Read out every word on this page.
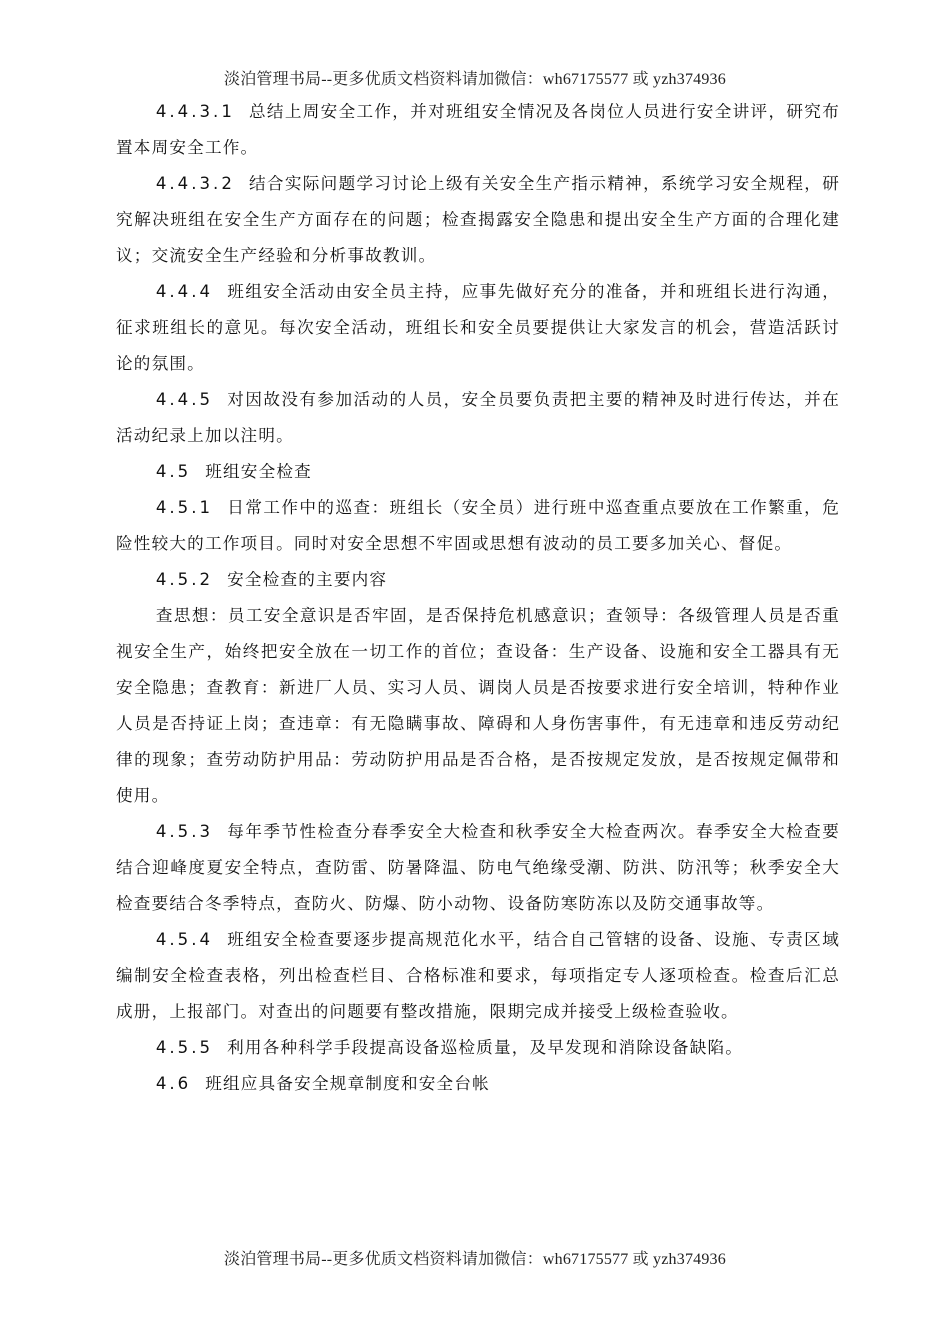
淡泊管理书局--更多优质文档资料请加微信：wh67175577 或 yzh374936

4.4.3.1 总结上周安全工作，并对班组安全情况及各岗位人员进行安全讲评，研究布置本周安全工作。

4.4.3.2 结合实际问题学习讨论上级有关安全生产指示精神，系统学习安全规程，研究解决班组在安全生产方面存在的问题；检查揭露安全隐患和提出安全生产方面的合理化建议；交流安全生产经验和分析事故教训。

4.4.4 班组安全活动由安全员主持，应事先做好充分的准备，并和班组长进行沟通，征求班组长的意见。每次安全活动，班组长和安全员要提供让大家发言的机会，营造活跃讨论的氛围。

4.4.5 对因故没有参加活动的人员，安全员要负责把主要的精神及时进行传达，并在活动纪录上加以注明。

4.5 班组安全检查

4.5.1 日常工作中的巡查：班组长（安全员）进行班中巡查重点要放在工作繁重，危险性较大的工作项目。同时对安全思想不牢固或思想有波动的员工要多加关心、督促。

4.5.2 安全检查的主要内容

查思想：员工安全意识是否牢固，是否保持危机感意识；查领导：各级管理人员是否重视安全生产，始终把安全放在一切工作的首位；查设备：生产设备、设施和安全工器具有无安全隐患；查教育：新进厂人员、实习人员、调岗人员是否按要求进行安全培训，特种作业人员是否持证上岗；查违章：有无隐瞒事故、障碍和人身伤害事件，有无违章和违反劳动纪律的现象；查劳动防护用品：劳动防护用品是否合格，是否按规定发放，是否按规定佩带和使用。

4.5.3 每年季节性检查分春季安全大检查和秋季安全大检查两次。春季安全大检查要结合迎峰度夏安全特点，查防雷、防暑降温、防电气绝缘受潮、防洪、防汛等；秋季安全大检查要结合冬季特点，查防火、防爆、防小动物、设备防寒防冻以及防交通事故等。

4.5.4 班组安全检查要逐步提高规范化水平，结合自己管辖的设备、设施、专责区域编制安全检查表格，列出检查栏目、合格标准和要求，每项指定专人逐项检查。检查后汇总成册，上报部门。对查出的问题要有整改措施，限期完成并接受上级检查验收。

4.5.5 利用各种科学手段提高设备巡检质量，及早发现和消除设备缺陷。

4.6 班组应具备安全规章制度和安全台帐

淡泊管理书局--更多优质文档资料请加微信：wh67175577 或 yzh374936
